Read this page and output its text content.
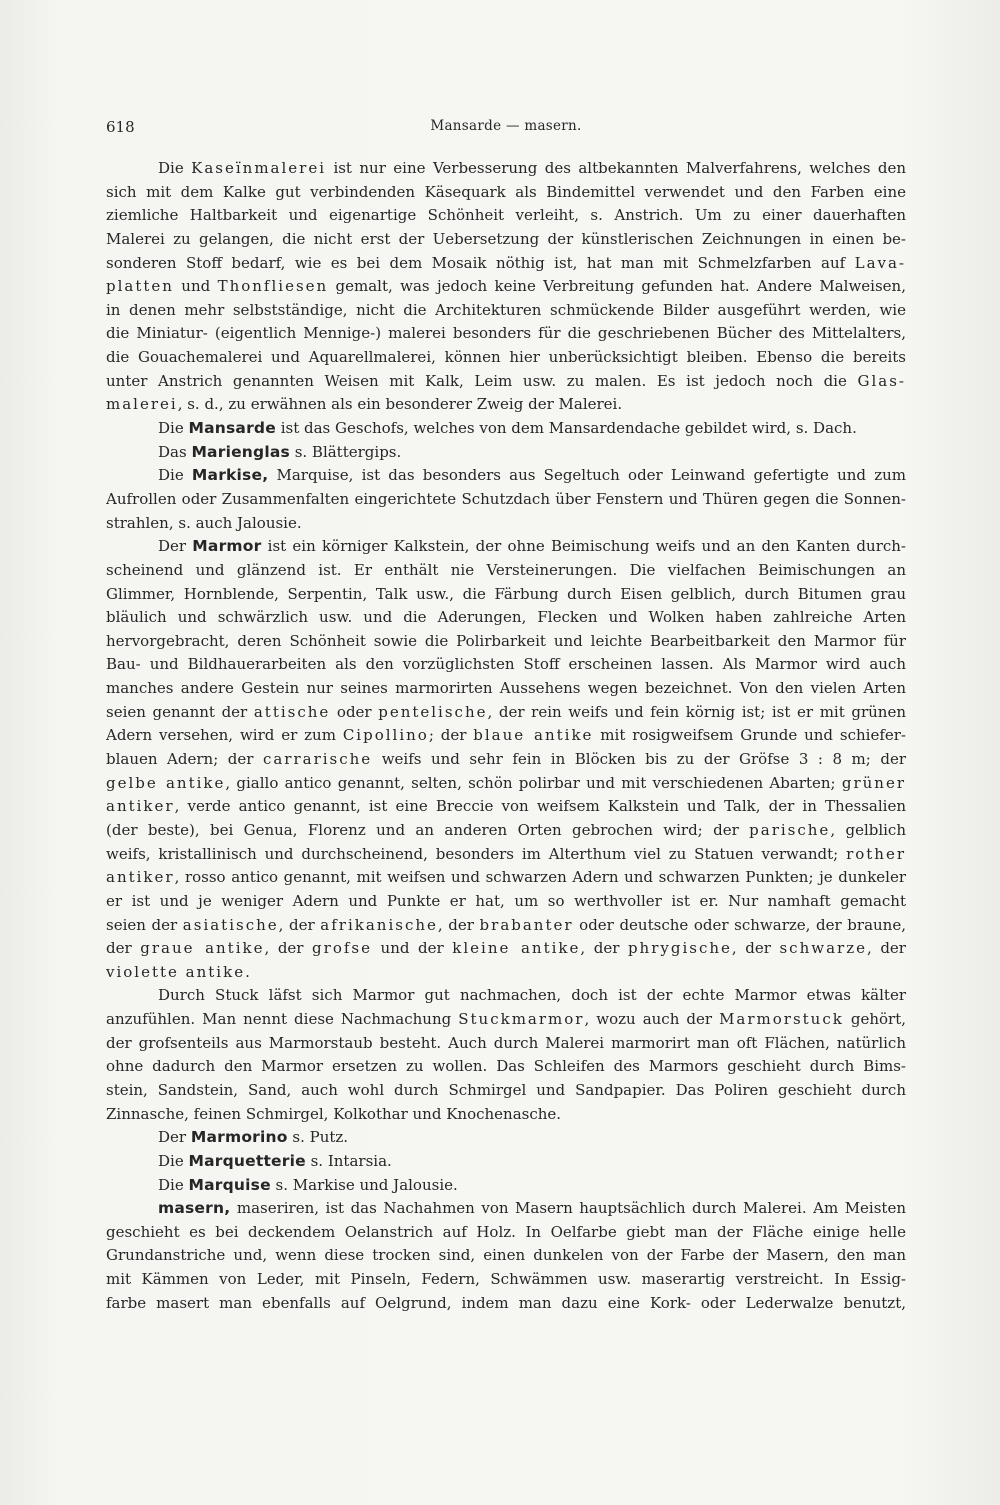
618	Mansarde — masern.
Die Kaseïnmalerei ist nur eine Verbesserung des altbekannten Malverfahrens, welches den
sich mit dem Kalke gut verbindenden Käsequark als Bindemittel verwendet und den Farben eine
ziemliche Haltbarkeit und eigenartige Schönheit verleiht, s. Anstrich. Um zu einer dauerhaften
Malerei zu gelangen, die nicht erst der Uebersetzung der künstlerischen Zeichnungen in einen be-
sonderen Stoff bedarf, wie es bei dem Mosaik nöthig ist, hat man mit Schmelzfarben auf Lava-
platten und Thonfliesen gemalt, was jedoch keine Verbreitung gefunden hat. Andere Malweisen,
in denen mehr selbstständige, nicht die Architekturen schmückende Bilder ausgeführt werden, wie
die Miniatur- (eigentlich Mennige-) malerei besonders für die geschriebenen Bücher des Mittelalters,
die Gouachemalerei und Aquarellmalerei, können hier unberücksichtigt bleiben. Ebenso die bereits
unter Anstrich genannten Weisen mit Kalk, Leim usw. zu malen. Es ist jedoch noch die Glas-
malerei, s. d., zu erwähnen als ein besonderer Zweig der Malerei.
Die Mansarde ist das Geschofs, welches von dem Mansardendache gebildet wird, s. Dach.
Das Marienglas s. Blättergips.
Die Markise, Marquise, ist das besonders aus Segeltuch oder Leinwand gefertigte und zum
Aufrollen oder Zusammenfalten eingerichtete Schutzdach über Fenstern und Thüren gegen die Sonnen-
strahlen, s. auch Jalousie.
Der Marmor ist ein körniger Kalkstein, der ohne Beimischung weifs und an den Kanten durch-
scheinend und glänzend ist. Er enthält nie Versteinerungen. Die vielfachen Beimischungen an
Glimmer, Hornblende, Serpentin, Talk usw., die Färbung durch Eisen gelblich, durch Bitumen grau
bläulich und schwärzlich usw. und die Aderungen, Flecken und Wolken haben zahlreiche Arten
hervorgebracht, deren Schönheit sowie die Polirbarkeit und leichte Bearbeitbarkeit den Marmor für
Bau- und Bildhauerarbeiten als den vorzüglichsten Stoff erscheinen lassen. Als Marmor wird auch
manches andere Gestein nur seines marmorirten Aussehens wegen bezeichnet. Von den vielen Arten
seien genannt der attische oder pentelische, der rein weifs und fein körnig ist; ist er mit grünen
Adern versehen, wird er zum Cipollino; der blaue antike mit rosigweifsem Grunde und schiefer-
blauen Adern; der carrarische weifs und sehr fein in Blöcken bis zu der Gröfse 3 : 8 m; der
gelbe antike, giallo antico genannt, selten, schön polirbar und mit verschiedenen Abarten; grüner
antiker, verde antico genannt, ist eine Breccie von weifsem Kalkstein und Talk, der in Thessalien
(der beste), bei Genua, Florenz und an anderen Orten gebrochen wird; der parische, gelblich
weifs, kristallinisch und durchscheinend, besonders im Alterthum viel zu Statuen verwandt; rother
antiker, rosso antico genannt, mit weifsen und schwarzen Adern und schwarzen Punkten; je dunkeler
er ist und je weniger Adern und Punkte er hat, um so werthvoller ist er. Nur namhaft gemacht
seien der asiatische, der afrikanische, der brabanter oder deutsche oder schwarze, der braune,
der graue antike, der grofse und der kleine antike, der phrygische, der schwarze, der
violette antike.
Durch Stuck läfst sich Marmor gut nachmachen, doch ist der echte Marmor etwas kälter
anzufühlen. Man nennt diese Nachmachung Stuckmarmor, wozu auch der Marmorstuck gehört,
der grofsenteils aus Marmorstaub besteht. Auch durch Malerei marmorirt man oft Flächen, natürlich
ohne dadurch den Marmor ersetzen zu wollen. Das Schleifen des Marmors geschieht durch Bims-
stein, Sandstein, Sand, auch wohl durch Schmirgel und Sandpapier. Das Poliren geschieht durch
Zinnasche, feinen Schmirgel, Kolkothar und Knochenasche.
Der Marmorino s. Putz.
Die Marquetterie s. Intarsia.
Die Marquise s. Markise und Jalousie.
masern, maseriren, ist das Nachahmen von Masern hauptsächlich durch Malerei. Am Meisten
geschieht es bei deckendem Oelanstrich auf Holz. In Oelfarbe giebt man der Fläche einige helle
Grundanstriche und, wenn diese trocken sind, einen dunkelen von der Farbe der Masern, den man
mit Kämmen von Leder, mit Pinseln, Federn, Schwämmen usw. maserartig verstreicht. In Essig-
farbe masert man ebenfalls auf Oelgrund, indem man dazu eine Kork- oder Lederwalze benutzt,
